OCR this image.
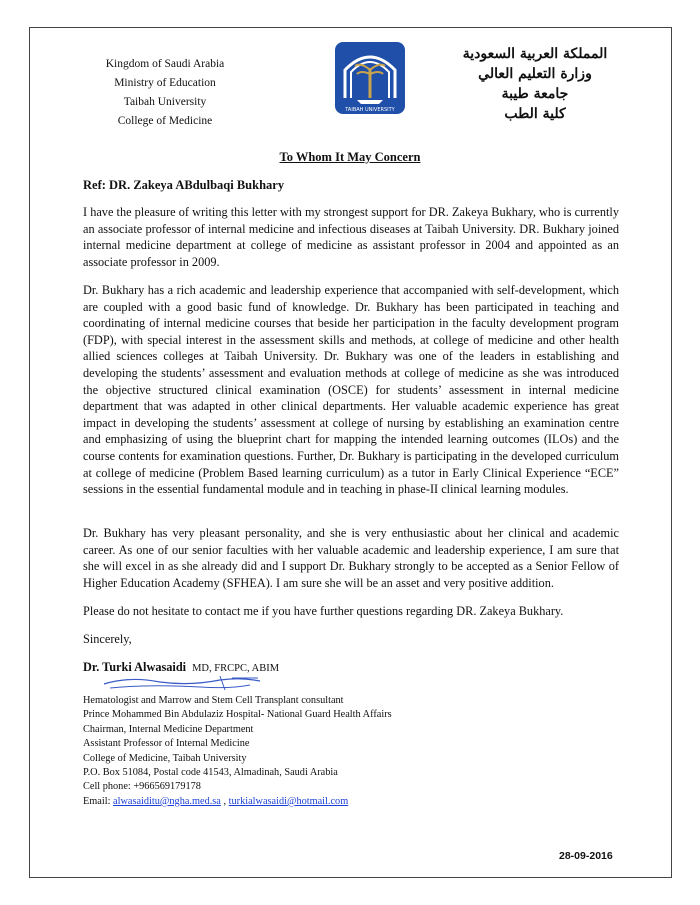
Kingdom of Saudi Arabia
Ministry of Education
Taibah University
College of Medicine
TAIBAH UNIVERSITY
المملكة العربية السعودية
وزارة التعليم العالي
جامعة طيبة
كلية الطب
To Whom It May Concern
Ref: DR. Zakeya ABdulbaqi Bukhary
I have the pleasure of writing this letter with my strongest support for DR. Zakeya Bukhary, who is currently an associate professor of internal medicine and infectious diseases at Taibah University. DR. Bukhary joined internal medicine department at college of medicine as assistant professor in 2004 and appointed as an associate professor in 2009.
Dr. Bukhary has a rich academic and leadership experience that accompanied with self-development, which are coupled with a good basic fund of knowledge. Dr. Bukhary has been participated in teaching and coordinating of internal medicine courses that beside her participation in the faculty development program (FDP), with special interest in the assessment skills and methods, at college of medicine and other health allied sciences colleges at Taibah University. Dr. Bukhary was one of the leaders in establishing and developing the students’ assessment and evaluation methods at college of medicine as she was introduced the objective structured clinical examination (OSCE) for students’ assessment in internal medicine department that was adapted in other clinical departments. Her valuable academic experience has great impact in developing the students’ assessment at college of nursing by establishing an examination centre and emphasizing of using the blueprint chart for mapping the intended learning outcomes (ILOs) and the course contents for examination questions. Further, Dr. Bukhary is participating in the developed curriculum at college of medicine (Problem Based learning curriculum) as a tutor in Early Clinical Experience “ECE” sessions in the essential fundamental module and in teaching in phase-II clinical learning modules.
Dr. Bukhary has very pleasant personality, and she is very enthusiastic about her clinical and academic career. As one of our senior faculties with her valuable academic and leadership experience, I am sure that she will excel in as she already did and I support Dr. Bukhary strongly to be accepted as a Senior Fellow of Higher Education Academy (SFHEA). I am sure she will be an asset and very positive addition.
Please do not hesitate to contact me if you have further questions regarding DR. Zakeya Bukhary.
Sincerely,
Dr. Turki Alwasaidi MD, FRCPC, ABIM
Hematologist and Marrow and Stem Cell Transplant consultant
Prince Mohammed Bin Abdulaziz Hospital- National Guard Health Affairs
Chairman, Internal Medicine Department
Assistant Professor of Internal Medicine
College of Medicine, Taibah University
P.O. Box 51084, Postal code 41543, Almadinah, Saudi Arabia
Cell phone: +966569179178
Email: alwasaiditu@ngha.med.sa , turkialwasaidi@hotmail.com
28-09-2016
